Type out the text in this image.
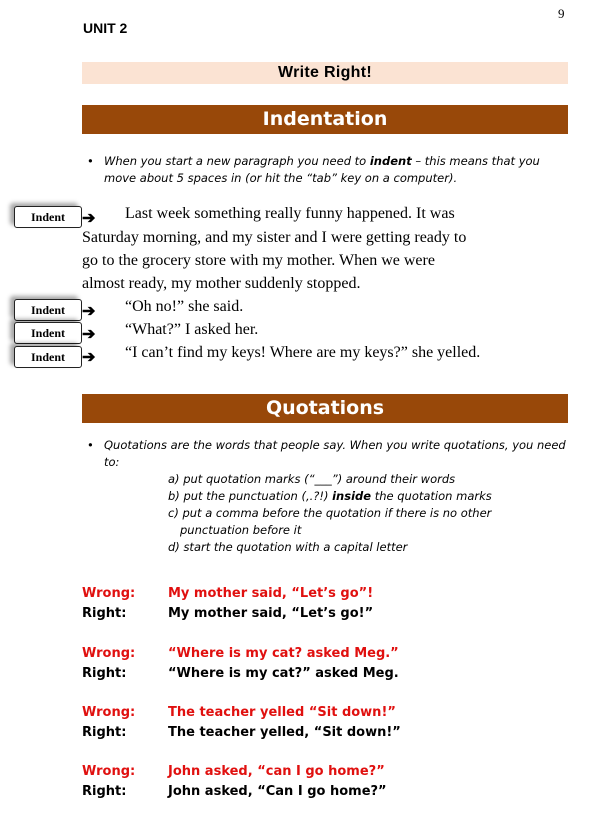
9
UNIT 2
Write Right!
Indentation
• When you start a new paragraph you need to indent – this means that you move about 5 spaces in (or hit the “tab” key on a computer).
➔ Last week something really funny happened. It was
Saturday morning, and my sister and I were getting ready to
go to the grocery store with my mother. When we were
almost ready, my mother suddenly stopped.
➔ “Oh no!” she said.
➔ “What?” I asked her.
➔ “I can’t find my keys! Where are my keys?” she yelled.
Indent
Indent
Indent
Indent
Quotations
• Quotations are the words that people say. When you write quotations, you need to:
a) put quotation marks (“___”) around their words
b) put the punctuation (,.?!) inside the quotation marks
c) put a comma before the quotation if there is no other
punctuation before it
d) start the quotation with a capital letter
Wrong:	My mother said, “Let’s go”!
Right:	My mother said, “Let’s go!”
Wrong:	“Where is my cat? asked Meg.”
Right:	“Where is my cat?” asked Meg.
Wrong:	The teacher yelled “Sit down!”
Right:	The teacher yelled, “Sit down!”
Wrong:	John asked, “can I go home?”
Right:	John asked, “Can I go home?”
